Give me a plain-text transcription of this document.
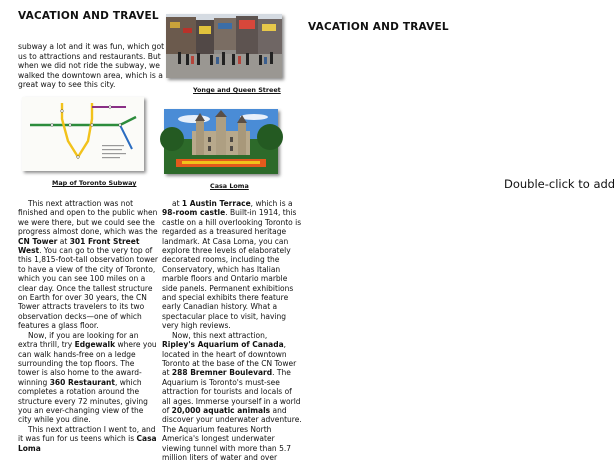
VACATION AND TRAVEL
subway a lot and it was fun, which got us to attractions and restaurants. But when we did not ride the subway, we walked the downtown area, which is a great way to see this city.
Yonge and Queen Street
Map of Toronto Subway	Casa Loma

This next attraction was not finished and open to the public when we were there, but we could see the progress almost done, which was the CN Tower at 301 Front Street West. You can go to the very top of this 1,815-foot-tall observation tower to have a view of the city of Toronto, which you can see 100 miles on a clear day. Once the tallest structure on Earth for over 30 years, the CN Tower attracts travelers to its two observation decks—one of which features a glass floor.

Now, if you are looking for an extra thrill, try Edgewalk where you can walk hands-free on a ledge surrounding the top floors. The tower is also home to the award-winning 360 Restaurant, which completes a rotation around the structure every 72 minutes, giving you an ever-changing view of the city while you dine.

This next attraction I went to, and it was fun for us teens which is Casa Loma

at 1 Austin Terrace, which is a 98-room castle. Built-in 1914, this castle on a hill overlooking Toronto is regarded as a treasured heritage landmark. At Casa Loma, you can explore three levels of elaborately decorated rooms, including the Conservatory, which has Italian marble floors and Ontario marble side panels. Permanent exhibitions and special exhibits there feature early Canadian history. What a spectacular place to visit, having very high reviews.

Now, this next attraction, Ripley's Aquarium of Canada, located in the heart of downtown Toronto at the base of the CN Tower at 288 Bremner Boulevard. The Aquarium is Toronto's must-see attraction for tourists and locals of all ages. Immerse yourself in a world of 20,000 aquatic animals and discover your underwater adventure. The Aquarium features North America's longest underwater viewing tunnel with more than 5.7 million liters of water and over

VACATION AND TRAVEL
Double-click to add
